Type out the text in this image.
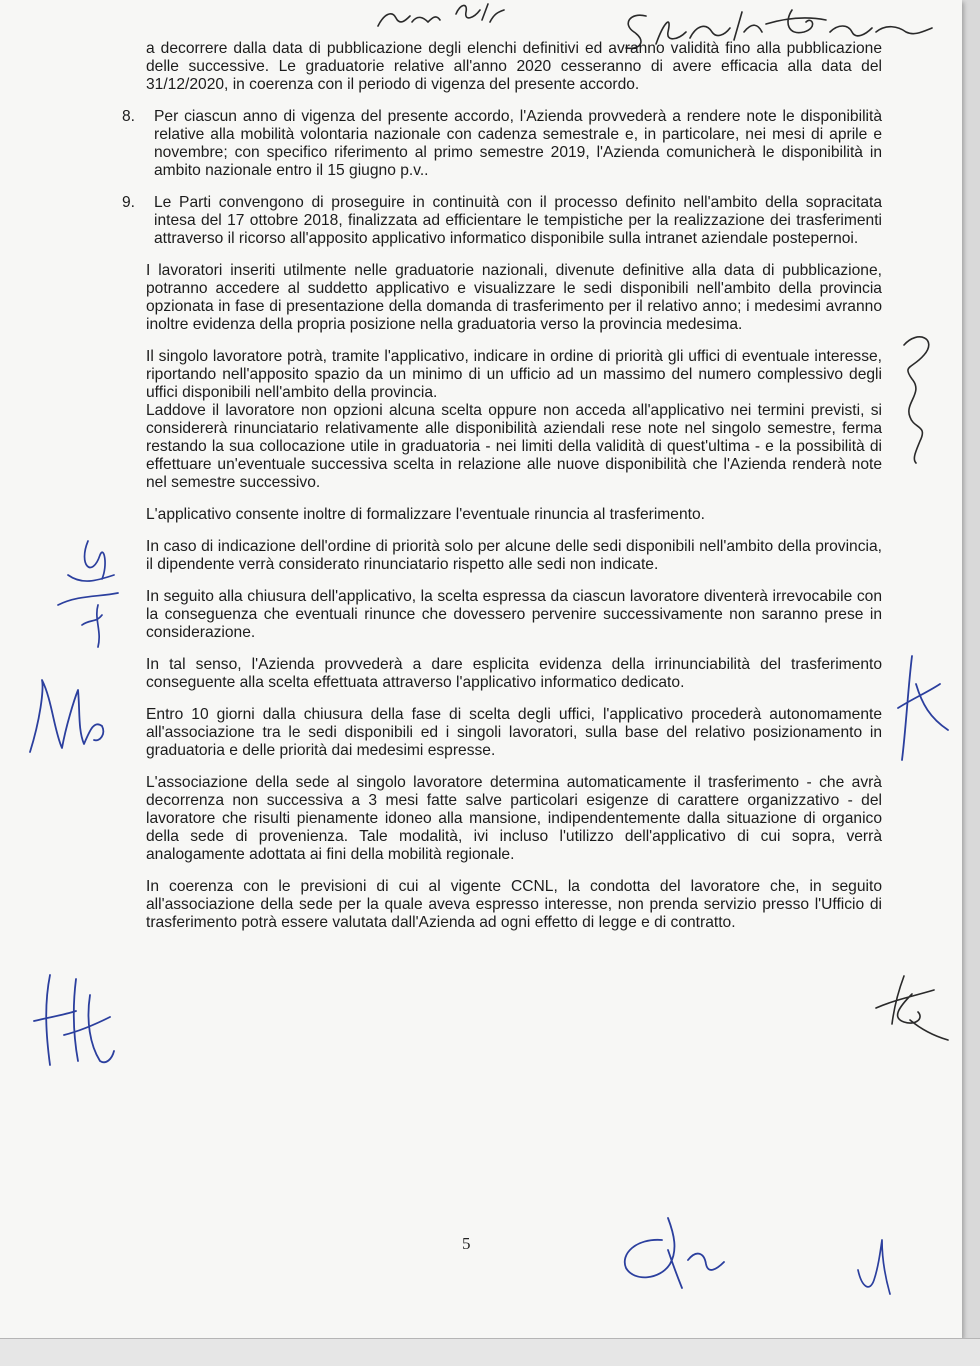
a decorrere dalla data di pubblicazione degli elenchi definitivi ed avranno validità fino alla pubblicazione delle successive. Le graduatorie relative all'anno 2020 cesseranno di avere efficacia alla data del 31/12/2020, in coerenza con il periodo di vigenza del presente accordo.

8.	Per ciascun anno di vigenza del presente accordo, l'Azienda provvederà a rendere note le disponibilità relative alla mobilità volontaria nazionale con cadenza semestrale e, in particolare, nei mesi di aprile e novembre; con specifico riferimento al primo semestre 2019, l'Azienda comunicherà le disponibilità in ambito nazionale entro il 15 giugno p.v..

9.	Le Parti convengono di proseguire in continuità con il processo definito nell'ambito della sopracitata intesa del 17 ottobre 2018, finalizzata ad efficientare le tempistiche per la realizzazione dei trasferimenti attraverso il ricorso all'apposito applicativo informatico disponibile sulla intranet aziendale postepernoi.

I lavoratori inseriti utilmente nelle graduatorie nazionali, divenute definitive alla data di pubblicazione, potranno accedere al suddetto applicativo e visualizzare le sedi disponibili nell'ambito della provincia opzionata in fase di presentazione della domanda di trasferimento per il relativo anno; i medesimi avranno inoltre evidenza della propria posizione nella graduatoria verso la provincia medesima.

Il singolo lavoratore potrà, tramite l'applicativo, indicare in ordine di priorità gli uffici di eventuale interesse, riportando nell'apposito spazio da un minimo di un ufficio ad un massimo del numero complessivo degli uffici disponibili nell'ambito della provincia.

Laddove il lavoratore non opzioni alcuna scelta oppure non acceda all'applicativo nei termini previsti, si considererà rinunciatario relativamente alle disponibilità aziendali rese note nel singolo semestre, ferma restando la sua collocazione utile in graduatoria - nei limiti della validità di quest'ultima - e la possibilità di effettuare un'eventuale successiva scelta in relazione alle nuove disponibilità che l'Azienda renderà note nel semestre successivo.

L'applicativo consente inoltre di formalizzare l'eventuale rinuncia al trasferimento.

In caso di indicazione dell'ordine di priorità solo per alcune delle sedi disponibili nell'ambito della provincia, il dipendente verrà considerato rinunciatario rispetto alle sedi non indicate.

In seguito alla chiusura dell'applicativo, la scelta espressa da ciascun lavoratore diventerà irrevocabile con la conseguenza che eventuali rinunce che dovessero pervenire successivamente non saranno prese in considerazione.

In tal senso, l'Azienda provvederà a dare esplicita evidenza della irrinunciabilità del trasferimento conseguente alla scelta effettuata attraverso l'applicativo informatico dedicato.

Entro 10 giorni dalla chiusura della fase di scelta degli uffici, l'applicativo procederà autonomamente all'associazione tra le sedi disponibili ed i singoli lavoratori, sulla base del relativo posizionamento in graduatoria e delle priorità dai medesimi espresse.

L'associazione della sede al singolo lavoratore determina automaticamente il trasferimento - che avrà decorrenza non successiva a 3 mesi fatte salve particolari esigenze di carattere organizzativo - del lavoratore che risulti pienamente idoneo alla mansione, indipendentemente dalla situazione di organico della sede di provenienza. Tale modalità, ivi incluso l'utilizzo dell'applicativo di cui sopra, verrà analogamente adottata ai fini della mobilità regionale.

In coerenza con le previsioni di cui al vigente CCNL, la condotta del lavoratore che, in seguito all'associazione della sede per la quale aveva espresso interesse, non prenda servizio presso l'Ufficio di trasferimento potrà essere valutata dall'Azienda ad ogni effetto di legge e di contratto.

5
